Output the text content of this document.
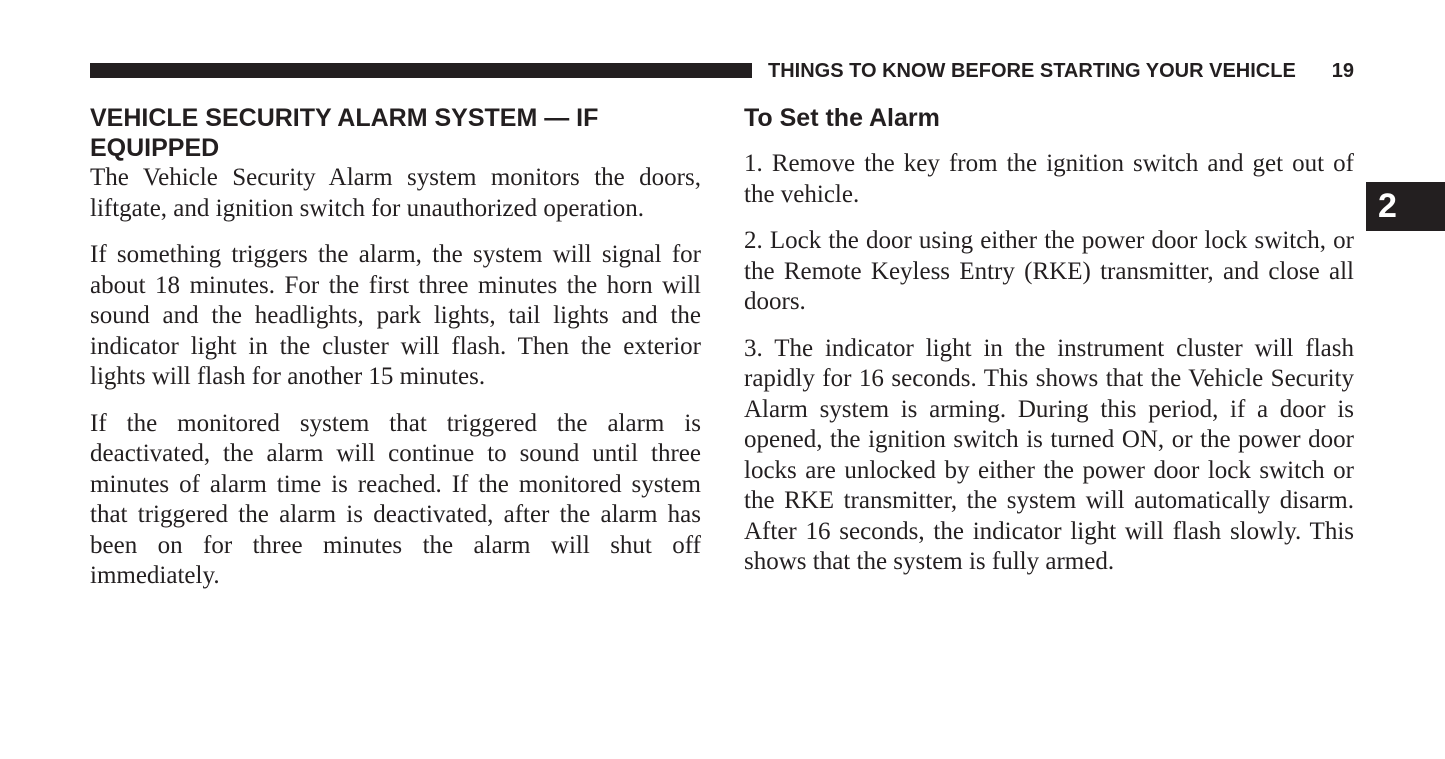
THINGS TO KNOW BEFORE STARTING YOUR VEHICLE 19
2
VEHICLE SECURITY ALARM SYSTEM — IF EQUIPPED

The Vehicle Security Alarm system monitors the doors, liftgate, and ignition switch for unauthorized operation.

If something triggers the alarm, the system will signal for about 18 minutes. For the first three minutes the horn will sound and the headlights, park lights, tail lights and the indicator light in the cluster will flash. Then the exterior lights will flash for another 15 minutes.

If the monitored system that triggered the alarm is deactivated, the alarm will continue to sound until three minutes of alarm time is reached. If the monitored system that triggered the alarm is deactivated, after the alarm has been on for three minutes the alarm will shut off immediately.

To Set the Alarm

1. Remove the key from the ignition switch and get out of the vehicle.

2. Lock the door using either the power door lock switch, or the Remote Keyless Entry (RKE) transmitter, and close all doors.

3. The indicator light in the instrument cluster will flash rapidly for 16 seconds. This shows that the Vehicle Security Alarm system is arming. During this period, if a door is opened, the ignition switch is turned ON, or the power door locks are unlocked by either the power door lock switch or the RKE transmitter, the system will automatically disarm. After 16 seconds, the indicator light will flash slowly. This shows that the system is fully armed.
